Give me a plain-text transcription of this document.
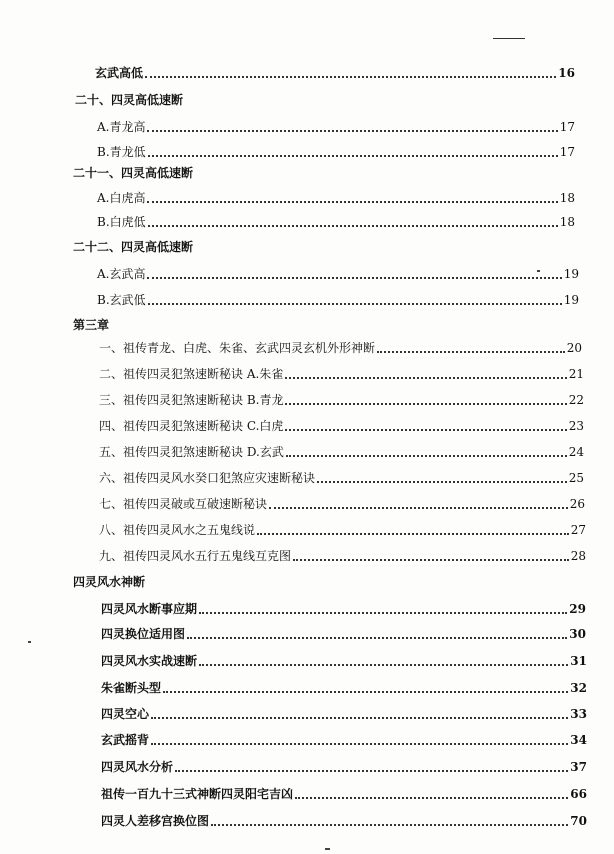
玄武高低	16
二十、四灵高低速断
A.青龙高	17
B.青龙低	17
二十一、四灵高低速断
A.白虎高	18
B.白虎低	18
二十二、四灵高低速断
A.玄武高	19
B.玄武低	19
第三章
一、祖传青龙、白虎、朱雀、玄武四灵玄机外形神断	20
二、祖传四灵犯煞速断秘诀 A.朱雀	21
三、祖传四灵犯煞速断秘诀 B.青龙	22
四、祖传四灵犯煞速断秘诀 C.白虎	23
五、祖传四灵犯煞速断秘诀 D.玄武	24
六、祖传四灵风水癸口犯煞应灾速断秘诀	25
七、祖传四灵破或互破速断秘诀	26
八、祖传四灵风水之五鬼线说	27
九、祖传四灵风水五行五鬼线互克图	28
四灵风水神断
四灵风水断事应期	29
四灵换位适用图	30
四灵风水实战速断	31
朱雀断头型	32
四灵空心	33
玄武摇背	34
四灵风水分析	37
祖传一百九十三式神断四灵阳宅吉凶	66
四灵人差移宫换位图	70
